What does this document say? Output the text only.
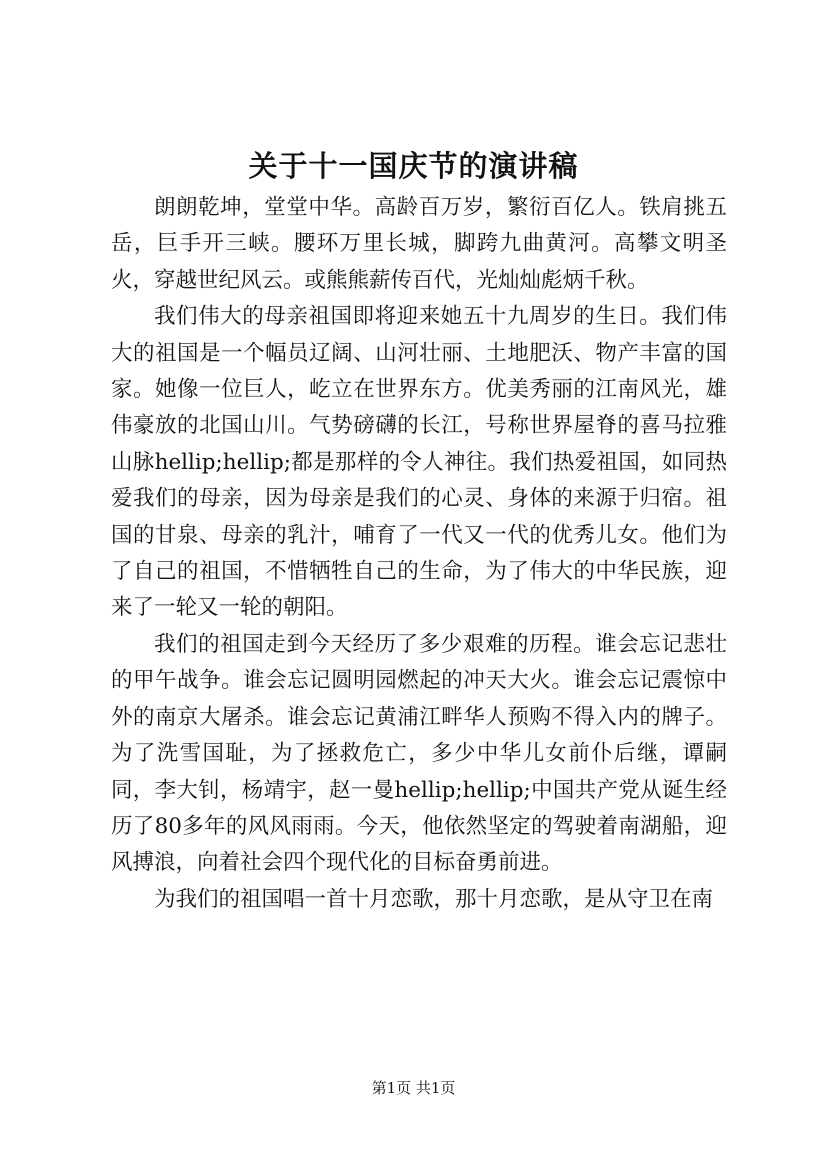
关于十一国庆节的演讲稿

朗朗乾坤，堂堂中华。高龄百万岁，繁衍百亿人。铁肩挑五岳，巨手开三峡。腰环万里长城，脚跨九曲黄河。高攀文明圣火，穿越世纪风云。或熊熊薪传百代，光灿灿彪炳千秋。

我们伟大的母亲祖国即将迎来她五十九周岁的生日。我们伟大的祖国是一个幅员辽阔、山河壮丽、土地肥沃、物产丰富的国家。她像一位巨人，屹立在世界东方。优美秀丽的江南风光，雄伟豪放的北国山川。气势磅礴的长江，号称世界屋脊的喜马拉雅山脉hellip;hellip;都是那样的令人神往。我们热爱祖国，如同热爱我们的母亲，因为母亲是我们的心灵、身体的来源于归宿。祖国的甘泉、母亲的乳汁，哺育了一代又一代的优秀儿女。他们为了自己的祖国，不惜牺牲自己的生命，为了伟大的中华民族，迎来了一轮又一轮的朝阳。

我们的祖国走到今天经历了多少艰难的历程。谁会忘记悲壮的甲午战争。谁会忘记圆明园燃起的冲天大火。谁会忘记震惊中外的南京大屠杀。谁会忘记黄浦江畔华人预购不得入内的牌子。为了洗雪国耻，为了拯救危亡，多少中华儿女前仆后继，谭嗣同，李大钊，杨靖宇，赵一曼hellip;hellip;中国共产党从诞生经历了80多年的风风雨雨。今天，他依然坚定的驾驶着南湖船，迎风搏浪，向着社会四个现代化的目标奋勇前进。

为我们的祖国唱一首十月恋歌，那十月恋歌，是从守卫在南

第1页 共1页
